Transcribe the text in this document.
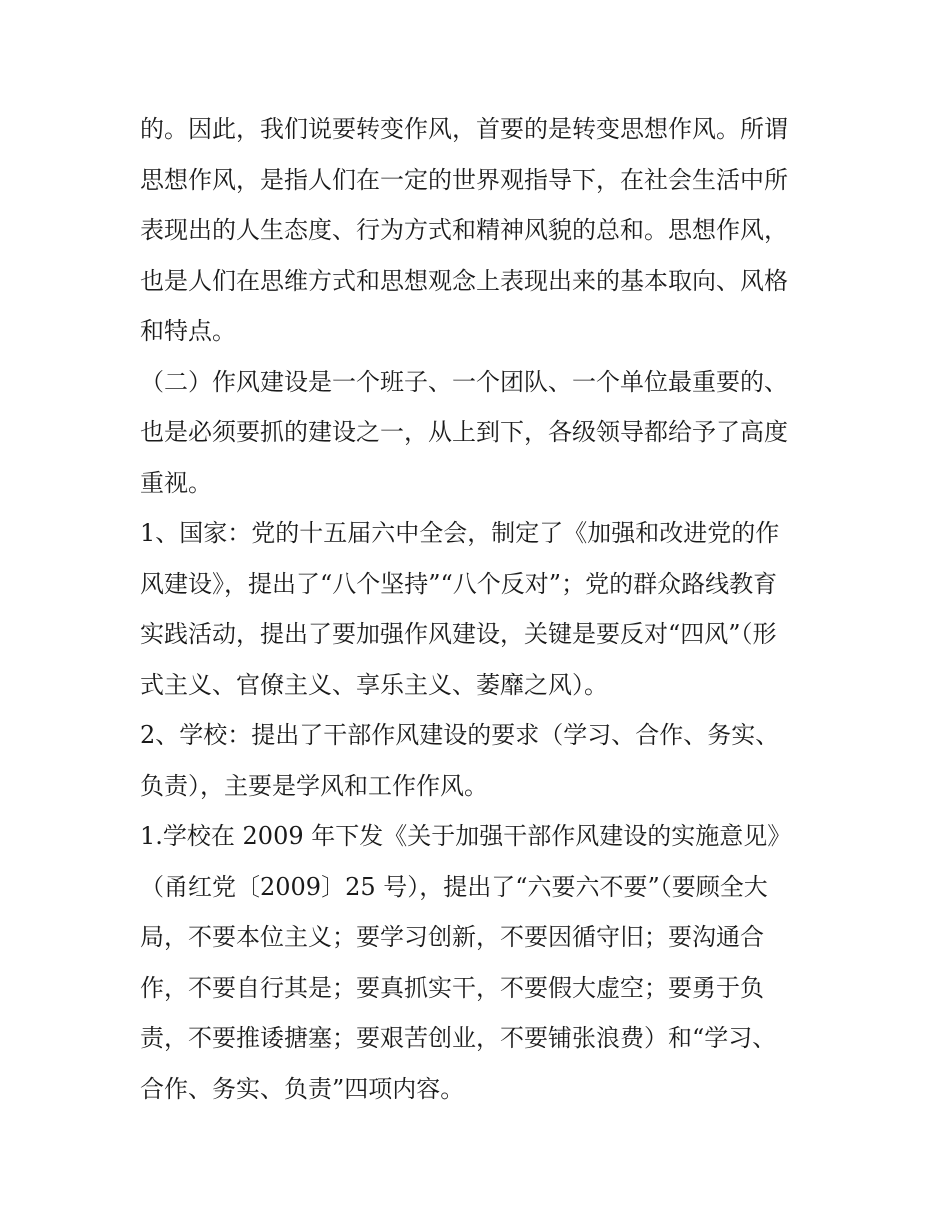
的。因此，我们说要转变作风，首要的是转变思想作风。所谓
思想作风，是指人们在一定的世界观指导下，在社会生活中所
表现出的人生态度、行为方式和精神风貌的总和。思想作风，
也是人们在思维方式和思想观念上表现出来的基本取向、风格
和特点。
（二）作风建设是一个班子、一个团队、一个单位最重要的、
也是必须要抓的建设之一，从上到下，各级领导都给予了高度
重视。
1、国家：党的十五届六中全会，制定了《加强和改进党的作
风建设》，提出了“八个坚持”“八个反对”；党的群众路线教育
实践活动，提出了要加强作风建设，关键是要反对“四风”（形
式主义、官僚主义、享乐主义、萎靡之风）。
2、学校：提出了干部作风建设的要求（学习、合作、务实、
负责），主要是学风和工作作风。
1.学校在 2009 年下发《关于加强干部作风建设的实施意见》
（甬红党〔2009〕25 号），提出了“六要六不要”（要顾全大
局，不要本位主义；要学习创新，不要因循守旧；要沟通合
作，不要自行其是；要真抓实干，不要假大虚空；要勇于负
责，不要推诿搪塞；要艰苦创业，不要铺张浪费）和“学习、
合作、务实、负责”四项内容。
